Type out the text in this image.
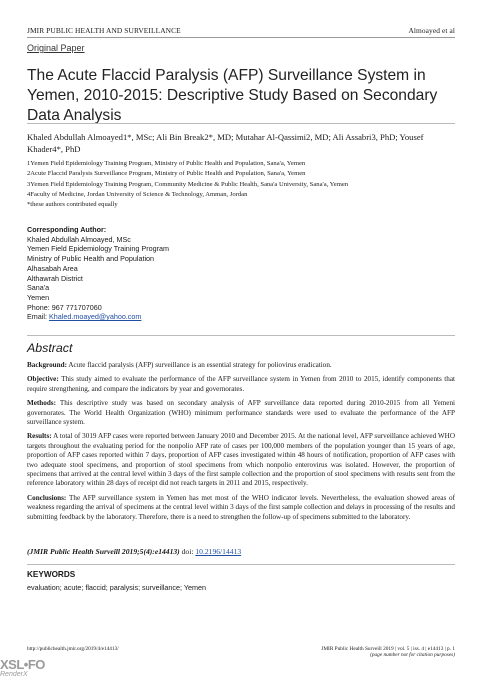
JMIR PUBLIC HEALTH AND SURVEILLANCE	Almoayed et al
Original Paper
The Acute Flaccid Paralysis (AFP) Surveillance System in Yemen, 2010-2015: Descriptive Study Based on Secondary Data Analysis
Khaled Abdullah Almoayed1*, MSc; Ali Bin Break2*, MD; Mutahar Al-Qassimi2, MD; Ali Assabri3, PhD; Yousef Khader4*, PhD
1Yemen Field Epidemiology Training Program, Ministry of Public Health and Population, Sana'a, Yemen
2Acute Flaccid Paralysis Surveillance Program, Ministry of Public Health and Population, Sana'a, Yemen
3Yemen Field Epidemiology Training Program, Community Medicine & Public Health, Sana'a University, Sana'a, Yemen
4Faculty of Medicine, Jordan University of Science & Technology, Amman, Jordan
*these authors contributed equally
Corresponding Author:
Khaled Abdullah Almoayed, MSc
Yemen Field Epidemiology Training Program
Ministry of Public Health and Population
Alhasabah Area
Althawrah District
Sana'a
Yemen
Phone: 967 771707060
Email: Khaled.moayed@yahoo.com
Abstract

Background: Acute flaccid paralysis (AFP) surveillance is an essential strategy for poliovirus eradication.

Objective: This study aimed to evaluate the performance of the AFP surveillance system in Yemen from 2010 to 2015, identify components that require strengthening, and compare the indicators by year and governorates.

Methods: This descriptive study was based on secondary analysis of AFP surveillance data reported during 2010-2015 from all Yemeni governorates. The World Health Organization (WHO) minimum performance standards were used to evaluate the performance of the AFP surveillance system.

Results: A total of 3019 AFP cases were reported between January 2010 and December 2015. At the national level, AFP surveillance achieved WHO targets throughout the evaluating period for the nonpolio AFP rate of cases per 100,000 members of the population younger than 15 years of age, proportion of AFP cases reported within 7 days, proportion of AFP cases investigated within 48 hours of notification, proportion of AFP cases with two adequate stool specimens, and proportion of stool specimens from which nonpolio enterovirus was isolated. However, the proportion of specimens that arrived at the central level within 3 days of the first sample collection and the proportion of stool specimens with results sent from the reference laboratory within 28 days of receipt did not reach targets in 2011 and 2015, respectively.

Conclusions: The AFP surveillance system in Yemen has met most of the WHO indicator levels. Nevertheless, the evaluation showed areas of weakness regarding the arrival of specimens at the central level within 3 days of the first sample collection and delays in processing of the results and submitting feedback by the laboratory. Therefore, there is a need to strengthen the follow-up of specimens submitted to the laboratory.

(JMIR Public Health Surveill 2019;5(4):e14413) doi: 10.2196/14413
KEYWORDS
evaluation; acute; flaccid; paralysis; surveillance; Yemen
http://publichealth.jmir.org/2019/4/e14413/	JMIR Public Health Surveill 2019 | vol. 5 | iss. 4 | e14413 | p. 1
(page number not for citation purposes)
XSL•FO
RenderX
